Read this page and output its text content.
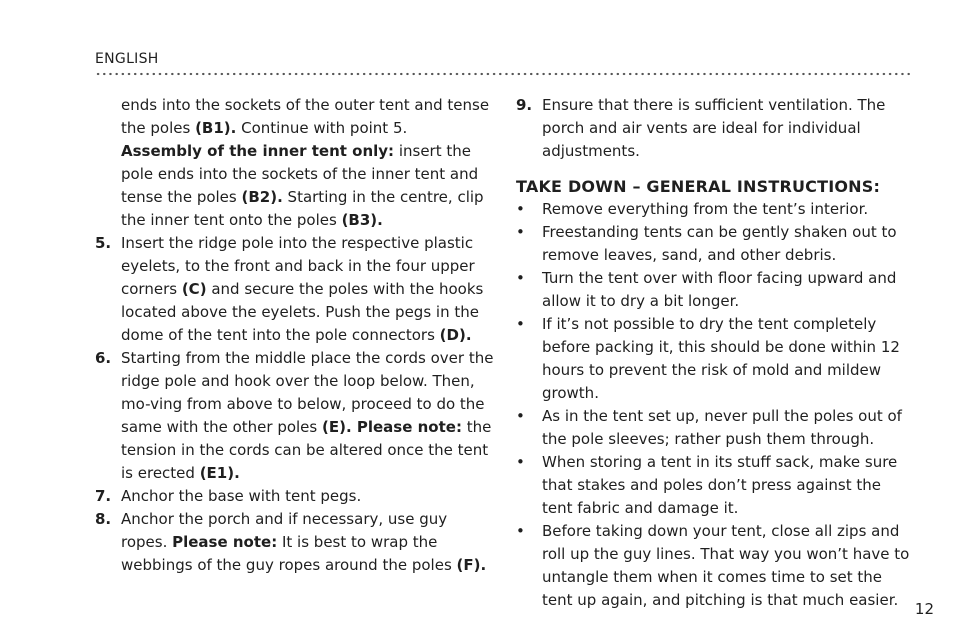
ENGLISH
ends into the sockets of the outer tent and tense the poles (B1). Continue with point 5.
Assembly of the inner tent only: insert the pole ends into the sockets of the inner tent and tense the poles (B2). Starting in the centre, clip the inner tent onto the poles (B3).
5. Insert the ridge pole into the respective plastic eyelets, to the front and back in the four upper corners (C) and secure the poles with the hooks located above the eyelets. Push the pegs in the dome of the tent into the pole connectors (D).
6. Starting from the middle place the cords over the ridge pole and hook over the loop below. Then, mo-ving from above to below, proceed to do the same with the other poles (E). Please note: the tension in the cords can be altered once the tent is erected (E1).
7. Anchor the base with tent pegs.
8. Anchor the porch and if necessary, use guy ropes. Please note: It is best to wrap the webbings of the guy ropes around the poles (F).
9. Ensure that there is sufficient ventilation. The porch and air vents are ideal for individual adjustments.
TAKE DOWN – GENERAL INSTRUCTIONS:
•	Remove everything from the tent’s interior.
•	Freestanding tents can be gently shaken out to remove leaves, sand, and other debris.
•	Turn the tent over with floor facing upward and allow it to dry a bit longer.
•	If it’s not possible to dry the tent completely before packing it, this should be done within 12 hours to prevent the risk of mold and mildew growth.
•	As in the tent set up, never pull the poles out of the pole sleeves; rather push them through.
•	When storing a tent in its stuff sack, make sure that stakes and poles don’t press against the tent fabric and damage it.
•	Before taking down your tent, close all zips and roll up the guy lines. That way you won’t have to untangle them when it comes time to set the tent up again, and pitching is that much easier.	12
